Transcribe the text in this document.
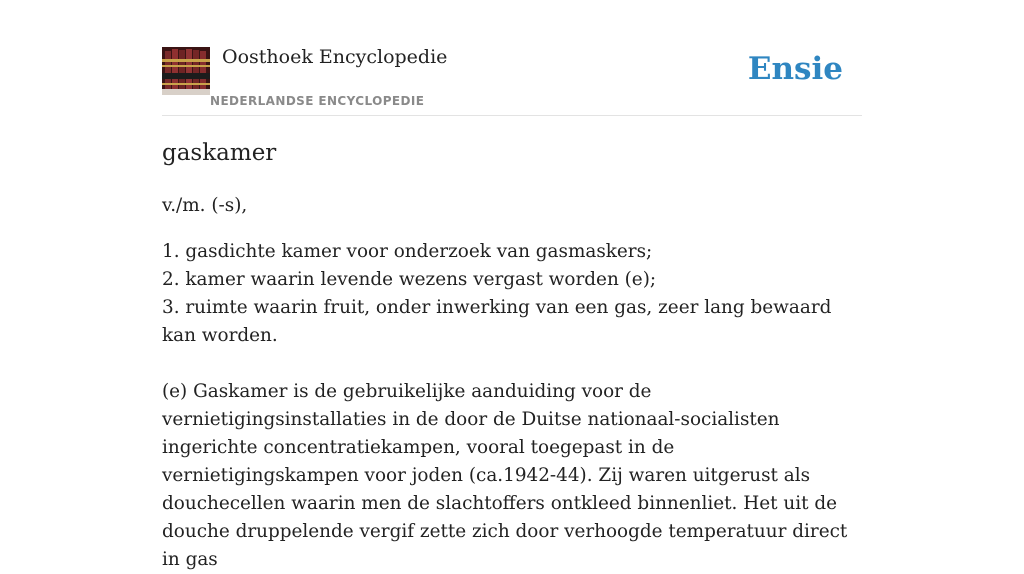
Oosthoek Encyclopedie
NEDERLANDSE ENCYCLOPEDIE
Ensie
gaskamer

v./m. (-s),

1. gasdichte kamer voor onderzoek van gasmaskers;
2. kamer waarin levende wezens vergast worden (e);
3. ruimte waarin fruit, onder inwerking van een gas, zeer lang bewaard kan worden.

(e) Gaskamer is de gebruikelijke aanduiding voor de vernietigingsinstallaties in de door de Duitse nationaal-socialisten ingerichte concentratiekampen, vooral toegepast in de vernietigingskampen voor joden (ca.1942-44). Zij waren uitgerust als douchecellen waarin men de slachtoffers ontkleed binnenliet. Het uit de douche druppelende vergif zette zich door verhoogde temperatuur direct in gas
